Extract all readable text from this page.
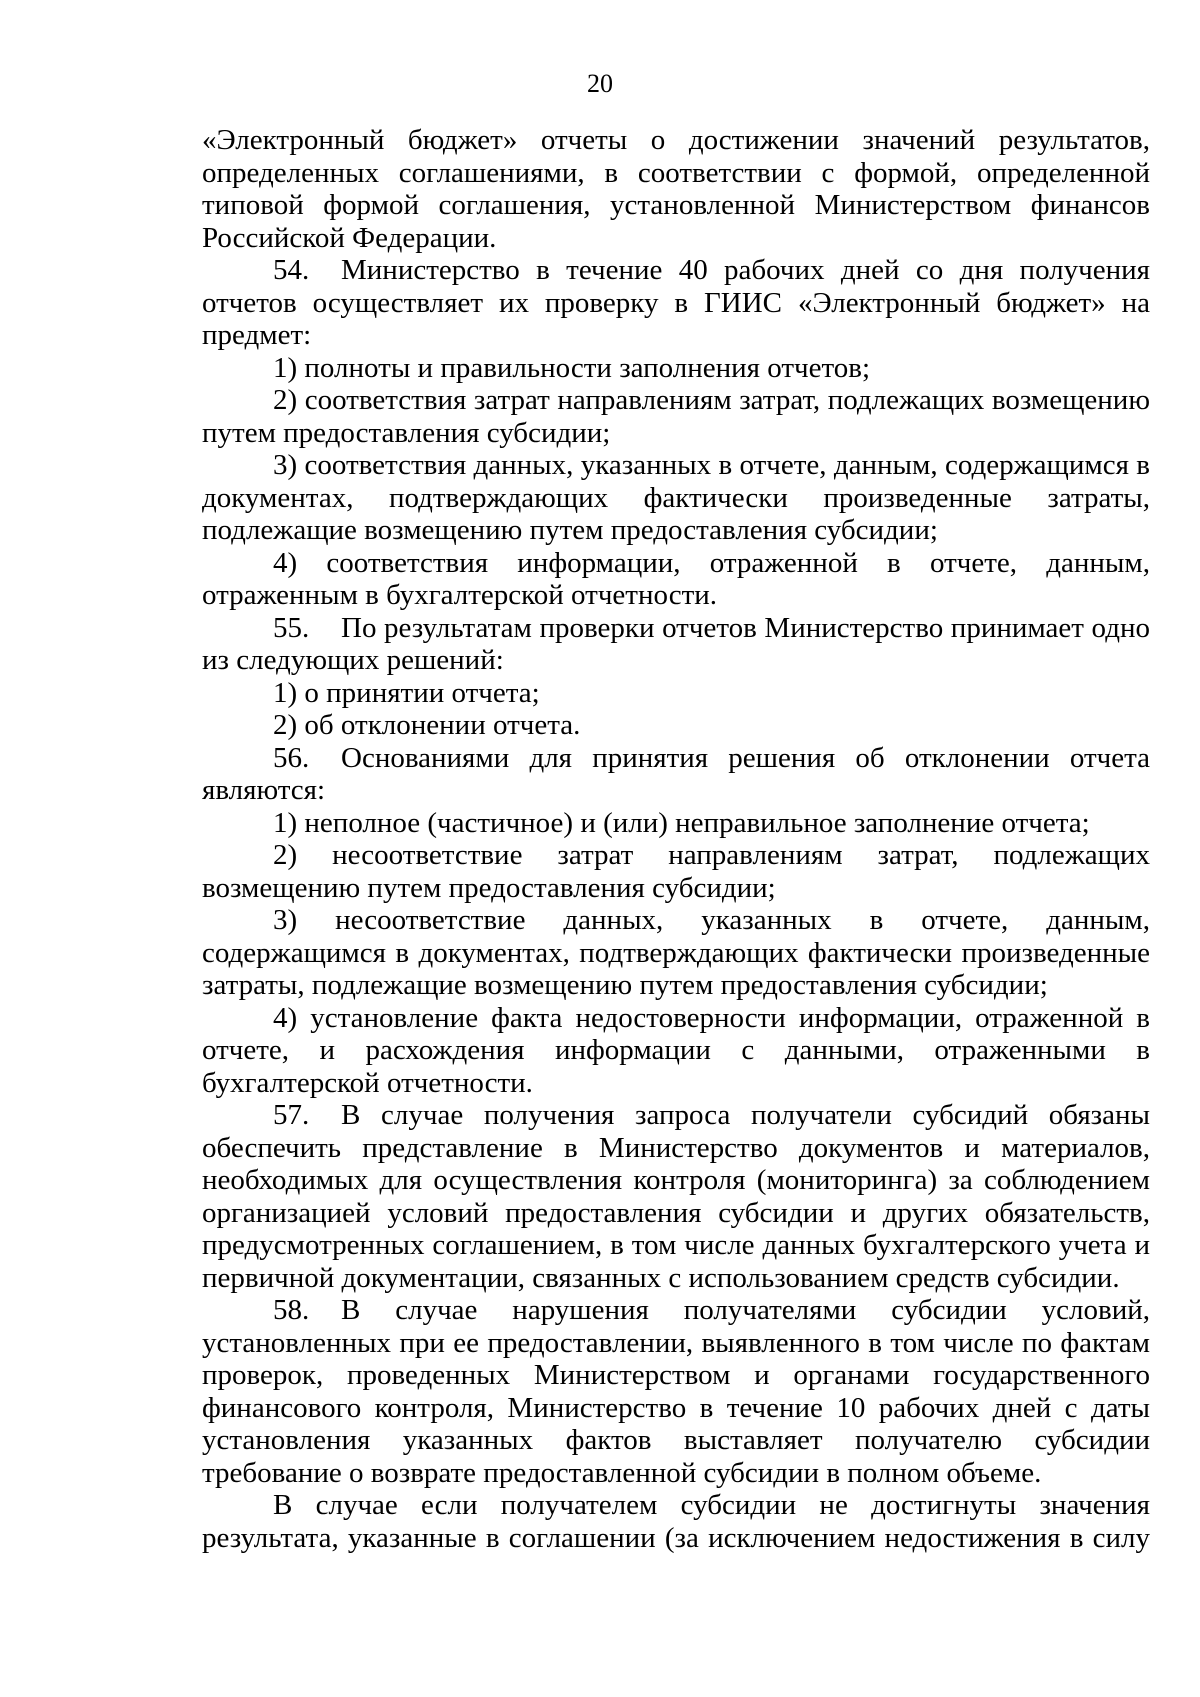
20

«Электронный бюджет» отчеты о достижении значений результатов, определенных соглашениями, в соответствии с формой, определенной типовой формой соглашения, установленной Министерством финансов Российской Федерации.

54. Министерство в течение 40 рабочих дней со дня получения отчетов осуществляет их проверку в ГИИС «Электронный бюджет» на предмет:

1) полноты и правильности заполнения отчетов;

2) соответствия затрат направлениям затрат, подлежащих возмещению путем предоставления субсидии;

3) соответствия данных, указанных в отчете, данным, содержащимся в документах, подтверждающих фактически произведенные затраты, подлежащие возмещению путем предоставления субсидии;

4) соответствия информации, отраженной в отчете, данным, отраженным в бухгалтерской отчетности.

55. По результатам проверки отчетов Министерство принимает одно из следующих решений:

1) о принятии отчета;

2) об отклонении отчета.

56. Основаниями для принятия решения об отклонении отчета являются:

1) неполное (частичное) и (или) неправильное заполнение отчета;

2) несоответствие затрат направлениям затрат, подлежащих возмещению путем предоставления субсидии;

3) несоответствие данных, указанных в отчете, данным, содержащимся в документах, подтверждающих фактически произведенные затраты, подлежащие возмещению путем предоставления субсидии;

4) установление факта недостоверности информации, отраженной в отчете, и расхождения информации с данными, отраженными в бухгалтерской отчетности.

57. В случае получения запроса получатели субсидий обязаны обеспечить представление в Министерство документов и материалов, необходимых для осуществления контроля (мониторинга) за соблюдением организацией условий предоставления субсидии и других обязательств, предусмотренных соглашением, в том числе данных бухгалтерского учета и первичной документации, связанных с использованием средств субсидии.

58. В случае нарушения получателями субсидии условий, установленных при ее предоставлении, выявленного в том числе по фактам проверок, проведенных Министерством и органами государственного финансового контроля, Министерство в течение 10 рабочих дней с даты установления указанных фактов выставляет получателю субсидии требование о возврате предоставленной субсидии в полном объеме.

В случае если получателем субсидии не достигнуты значения результата, указанные в соглашении (за исключением недостижения в силу
